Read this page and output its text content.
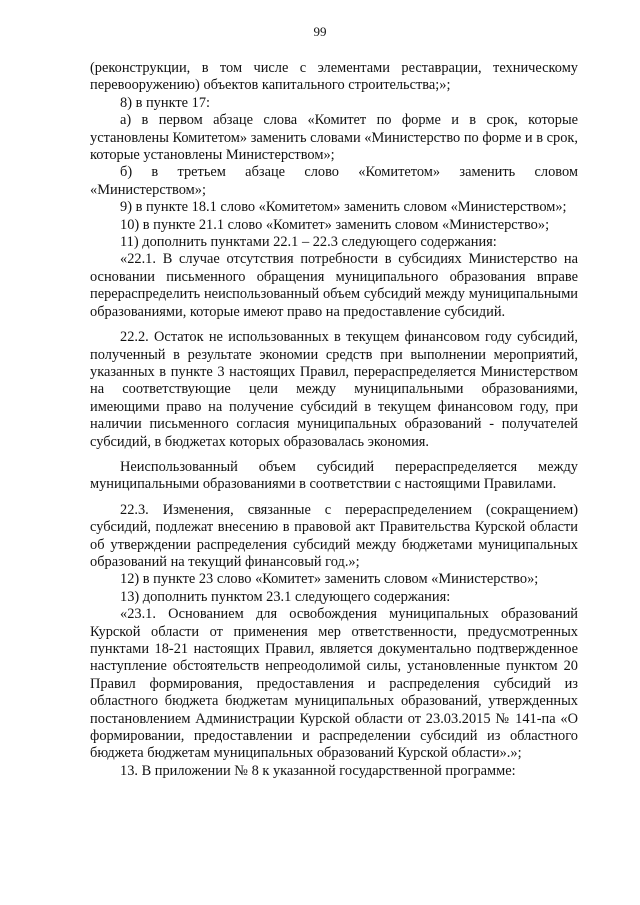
99

(реконструкции, в том числе с элементами реставрации, техническому перевооружению) объектов капитального строительства;»;

8) в пункте 17:

а) в первом абзаце слова «Комитет по форме и в срок, которые установлены Комитетом» заменить словами «Министерство по форме и в срок, которые установлены Министерством»;

б) в третьем абзаце слово «Комитетом» заменить словом «Министерством»;

9) в пункте 18.1 слово «Комитетом» заменить словом «Министерством»;

10) в пункте 21.1 слово «Комитет» заменить словом «Министерство»;

11) дополнить пунктами 22.1 – 22.3 следующего содержания:

«22.1. В случае отсутствия потребности в субсидиях Министерство на основании письменного обращения муниципального образования вправе перераспределить неиспользованный объем субсидий между муниципальными образованиями, которые имеют право на предоставление субсидий.

22.2. Остаток не использованных в текущем финансовом году субсидий, полученный в результате экономии средств при выполнении мероприятий, указанных в пункте 3 настоящих Правил, перераспределяется Министерством на соответствующие цели между муниципальными образованиями, имеющими право на получение субсидий в текущем финансовом году, при наличии письменного согласия муниципальных образований - получателей субсидий, в бюджетах которых образовалась экономия.

Неиспользованный объем субсидий перераспределяется между муниципальными образованиями в соответствии с настоящими Правилами.

22.3. Изменения, связанные с перераспределением (сокращением) субсидий, подлежат внесению в правовой акт Правительства Курской области об утверждении распределения субсидий между бюджетами муниципальных образований на текущий финансовый год.»;

12) в пункте 23 слово «Комитет» заменить словом «Министерство»;

13) дополнить пунктом 23.1 следующего содержания:

«23.1. Основанием для освобождения муниципальных образований Курской области от применения мер ответственности, предусмотренных пунктами 18-21 настоящих Правил, является документально подтвержденное наступление обстоятельств непреодолимой силы, установленные пунктом 20 Правил формирования, предоставления и распределения субсидий из областного бюджета бюджетам муниципальных образований, утвержденных постановлением Администрации Курской области от 23.03.2015 № 141-па «О формировании, предоставлении и распределении субсидий из областного бюджета бюджетам муниципальных образований Курской области».»;

13. В приложении № 8 к указанной государственной программе:
